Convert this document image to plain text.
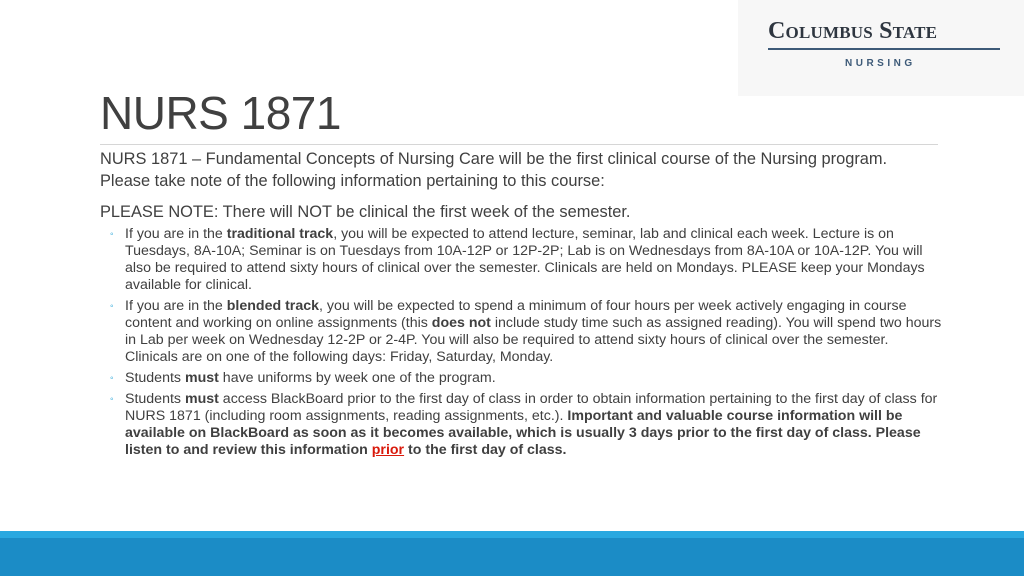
Columbus State
NURSING
NURS 1871

NURS 1871 – Fundamental Concepts of Nursing Care will be the first clinical course of the Nursing program. Please take note of the following information pertaining to this course:

PLEASE NOTE: There will NOT be clinical the first week of the semester.

◦ If you are in the traditional track, you will be expected to attend lecture, seminar, lab and clinical each week. Lecture is on Tuesdays, 8A-10A; Seminar is on Tuesdays from 10A-12P or 12P-2P; Lab is on Wednesdays from 8A-10A or 10A-12P. You will also be required to attend sixty hours of clinical over the semester. Clinicals are held on Mondays. PLEASE keep your Mondays available for clinical.
◦ If you are in the blended track, you will be expected to spend a minimum of four hours per week actively engaging in course content and working on online assignments (this does not include study time such as assigned reading). You will spend two hours in Lab per week on Wednesday 12-2P or 2-4P. You will also be required to attend sixty hours of clinical over the semester. Clinicals are on one of the following days: Friday, Saturday, Monday.
◦ Students must have uniforms by week one of the program.
◦ Students must access BlackBoard prior to the first day of class in order to obtain information pertaining to the first day of class for NURS 1871 (including room assignments, reading assignments, etc.). Important and valuable course information will be available on BlackBoard as soon as it becomes available, which is usually 3 days prior to the first day of class. Please listen to and review this information prior to the first day of class.
